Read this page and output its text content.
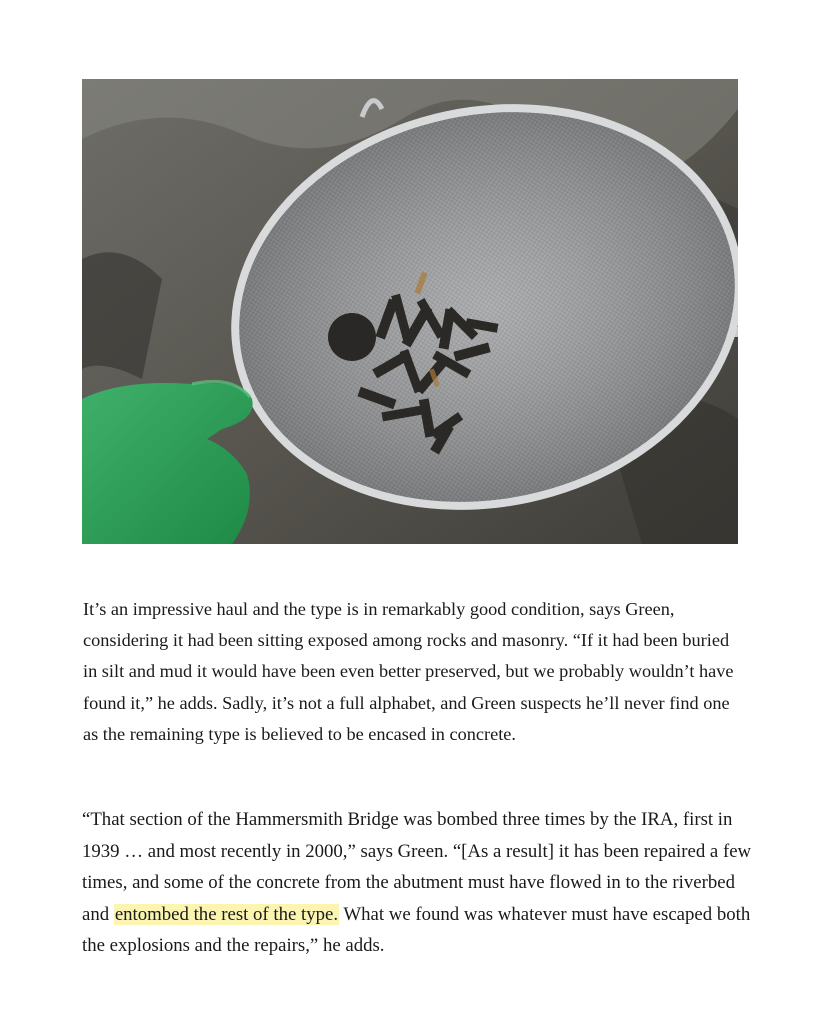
It’s an impressive haul and the type is in remarkably good condition, says Green, considering it had been sitting exposed among rocks and masonry. “If it had been buried in silt and mud it would have been even better preserved, but we probably wouldn’t have found it,” he adds. Sadly, it’s not a full alphabet, and Green suspects he’ll never find one as the remaining type is believed to be encased in concrete.

“That section of the Hammersmith Bridge was bombed three times by the IRA, first in 1939 … and most recently in 2000,” says Green. “[As a result] it has been repaired a few times, and some of the concrete from the abutment must have flowed in to the riverbed and entombed the rest of the type. What we found was whatever must have escaped both the explosions and the repairs,” he adds.
